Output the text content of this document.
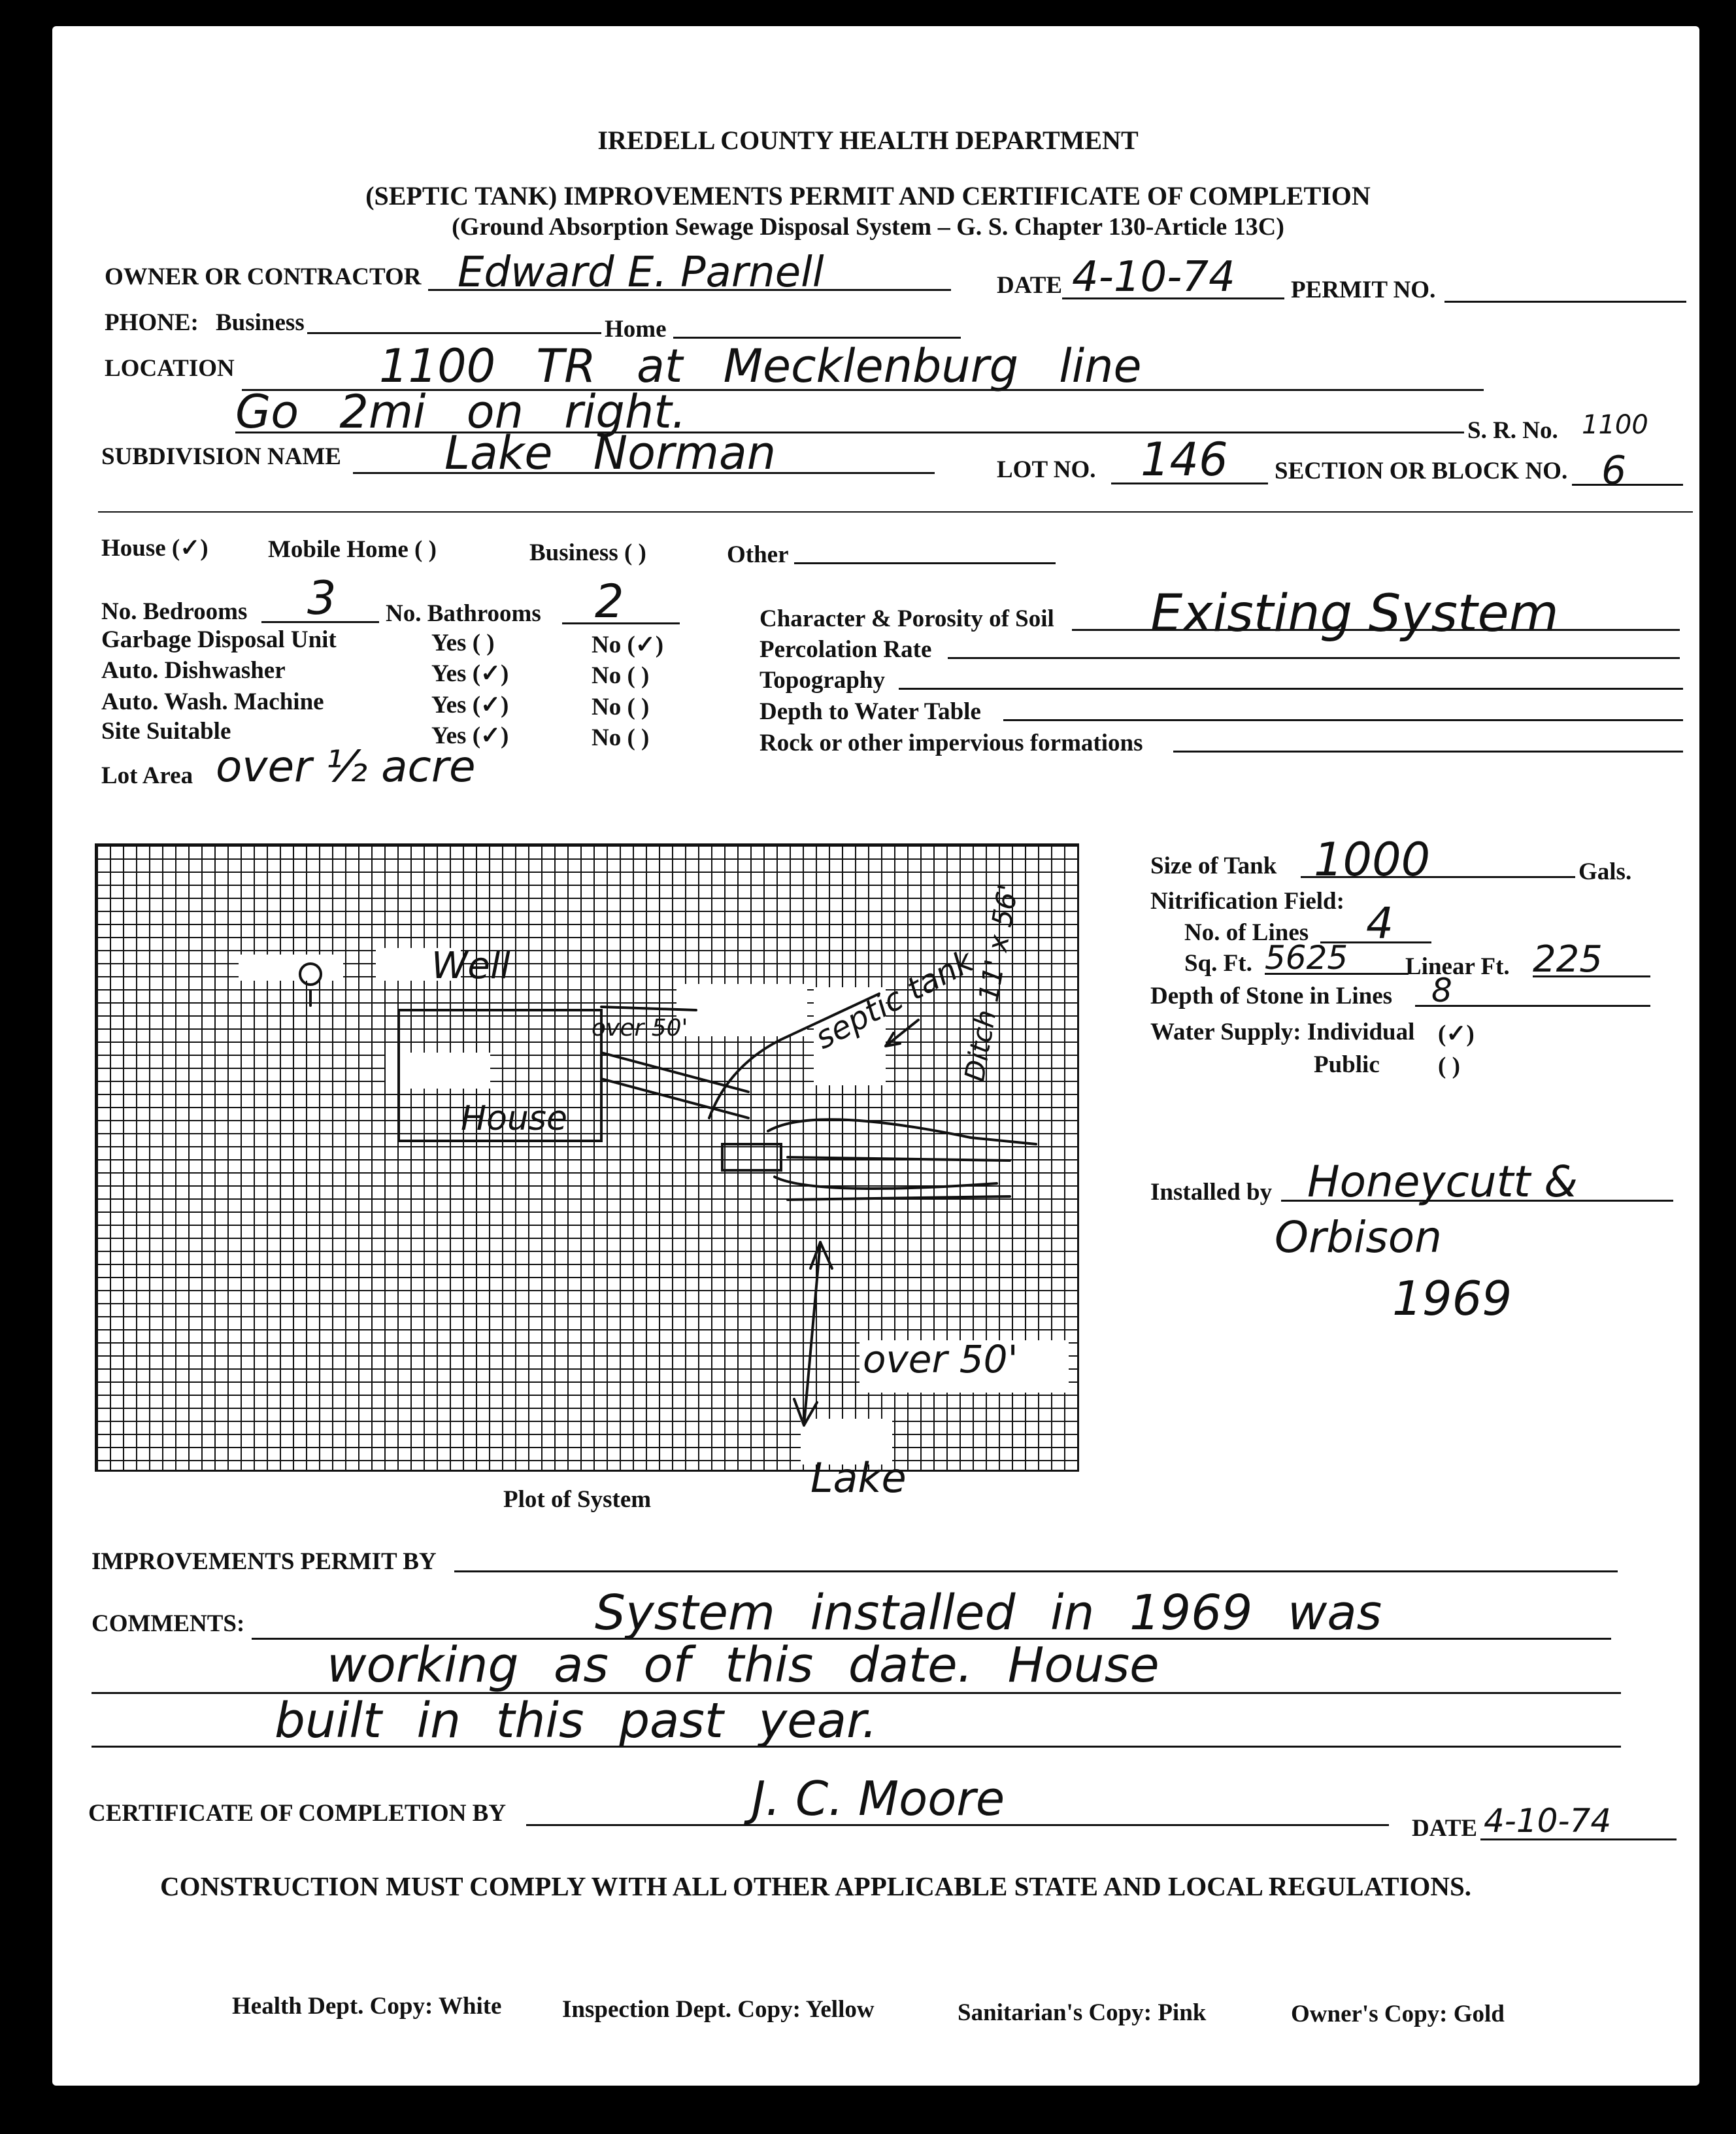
IREDELL COUNTY HEALTH DEPARTMENT
(SEPTIC TANK) IMPROVEMENTS PERMIT AND CERTIFICATE OF COMPLETION
(Ground Absorption Sewage Disposal System – G. S. Chapter 130-Article 13C)
OWNER OR CONTRACTOR Edward E. Parnell	DATE 4-10-74 PERMIT NO.
PHONE: Business	Home
LOCATION	1100 TR at Mecklenburg line
Go 2mi on right.	S. R. No. 1100
SUBDIVISION NAME Lake Norman	LOT NO. 146 SECTION OR BLOCK NO. 6
House (✓) Mobile Home ( )	Business ( )	Other
No. Bedrooms 3 No. Bathrooms 2
Garbage Disposal Unit	Yes ( )	No (✓)
Auto. Dishwasher	Yes (✓)	No ( )
Auto. Wash. Machine	Yes (✓)	No ( )
Site Suitable	Yes (✓)	No ( )
Lot Area over ½ acre
Character & Porosity of Soil Existing System
Percolation Rate
Topography
Depth to Water Table
Rock or other impervious formations
Well
House
over 50'	septic tank
Ditch 11' x 56'
over 50'
Lake
Plot of System
Size of Tank 1000	Gals.
Nitrification Field:
No. of Lines 4
Sq. Ft. 5625 Linear Ft. 225
Depth of Stone in Lines 8
Water Supply: Individual (✓)
Public ( )
Installed by Honeycutt &
Orbison
1969
IMPROVEMENTS PERMIT BY
COMMENTS:	System installed in 1969 was
working as of this date. House
built in this past year.
CERTIFICATE OF COMPLETION BY	J. C. Moore
DATE 4-10-74
CONSTRUCTION MUST COMPLY WITH ALL OTHER APPLICABLE STATE AND LOCAL REGULATIONS.
Health Dept. Copy: White	Inspection Dept. Copy: Yellow	Sanitarian's Copy: Pink	Owner's Copy: Gold
